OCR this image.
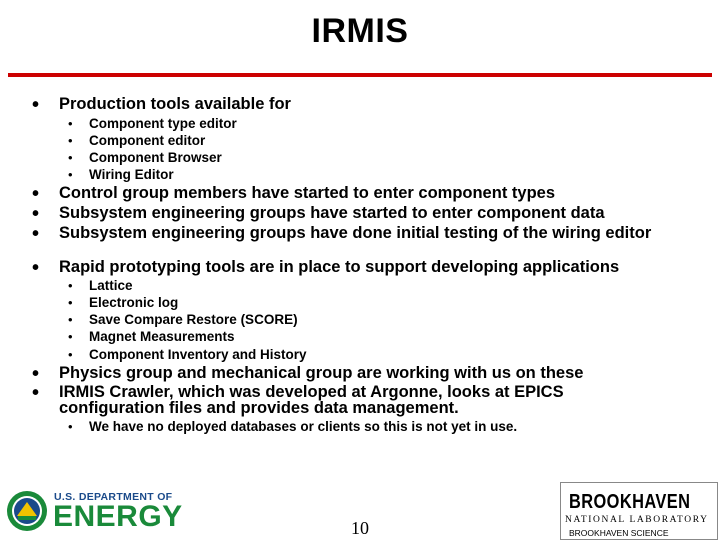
IRMIS
• Production tools available for
• Component type editor
• Component editor
• Component Browser
• Wiring Editor
• Control group members have started to enter component types
• Subsystem engineering groups have started to enter component data
• Subsystem engineering groups have done initial testing of the wiring editor
• Rapid prototyping tools are in place to support developing applications
• Lattice
• Electronic log
• Save Compare Restore (SCORE)
• Magnet Measurements
• Component Inventory and History
• Physics group and mechanical group are working with us on these
• IRMIS Crawler, which was developed at Argonne, looks at EPICS configuration files and provides data management.
• We have no deployed databases or clients so this is not yet in use.
U.S. DEPARTMENT OF
ENERGY	10
BROOKHAVEN
NATIONAL LABORATORY
BROOKHAVEN SCIENCE
